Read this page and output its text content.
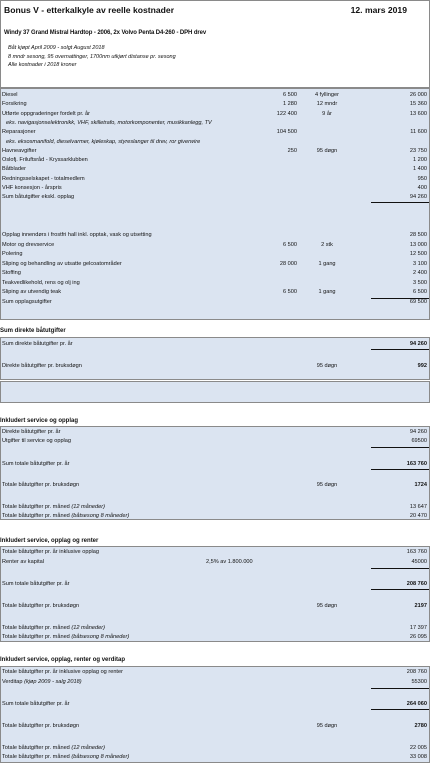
Bonus V - etterkalkyle av reelle kostnader	12. mars 2019
Windy 37 Grand Mistral Hardtop - 2006, 2x Volvo Penta D4-260 - DPH drev
Båt kjøpt April 2009 - solgt August 2018
8 mndr sesong, 95 overnattinger, 1700nm utkjørt distanse pr. sesong
Alle kostnader i 2018 kroner
Diesel	6 500	4 fyllinger	26 000
Forsikring	1 280	12 mndr	15 360
Utførte oppgraderinger fordelt pr. år	122 400	9 år	13 600
eks. navigasjonselektronikk, VHF, skilletrafo, motorkomponenter, musikkanlegg, TV
Reparasjoner	104 500	11 600
eks. eksosmanifold, dieselvarmer, kjøleskap, styreslanger til drev, ror giverwire
Havneavgifter	250	95 døgn	23 750
Oslofj. Friluftsråd - Kryssarklubben	1 200
Båtblader	1 400
Redningsselskapet - totalmedlem	950
VHF konsesjon - årspris	400
Sum båtutgifter ekskl. opplag	94 260
Opplag innendørs i frostfri hall inkl. opptak, vask og utsetting	28 500
Motor og drevservice	6 500	2 stk	13 000
Polering	12 500
Sliping og behandling av utsatte gelcoatområder	28 000	1 gang	3 100
Stoffing	2 400
Teakvedlikehold, rens og olj ing	3 500
Sliping av utvendig teak	6 500	1 gang	6 500
Sum opplagsutgifter	69 500
Sum direkte båtutgifter
Sum direkte båtutgifter pr. år	94 260
Direkte båtutgifter pr. bruksdøgn	95 døgn	992
Inkludert service og opplag
Direkte båtutgifter pr. år	94 260
Utgifter til service og opplag	69500
Sum totale båtutgifter pr. år	163 760
Totale båtutgifter pr. bruksdøgn	95 døgn	1724
Totale båtutgifter pr. måned (12 måneder)	13 647
Totale båtutgifter pr. måned (båtsesong 8 måneder)	20 470
Inkludert service, opplag og renter
Totale båtutgifter pr. år inklusive opplag	163 760
Renter av kapital	2,5% av 1.800.000	45000
Sum totale båtutgifter pr. år	208 760
Totale båtutgifter pr. bruksdøgn	95 døgn	2197
Totale båtutgifter pr. måned (12 måneder)	17 397
Totale båtutgifter pr. måned (båtsesong 8 måneder)	26 095
Inkludert service, opplag, renter og verditap
Totale båtutgifter pr. år inklusive opplag og renter	208 760
Verditap (kjøp 2009 - salg 2018)	55300
Sum totale båtutgifter pr. år	264 060
Totale båtutgifter pr. bruksdøgn	95 døgn	2780
Totale båtutgifter pr. måned (12 måneder)	22 005
Totale båtutgifter pr. måned (båtsesong 8 måneder)	33 008
